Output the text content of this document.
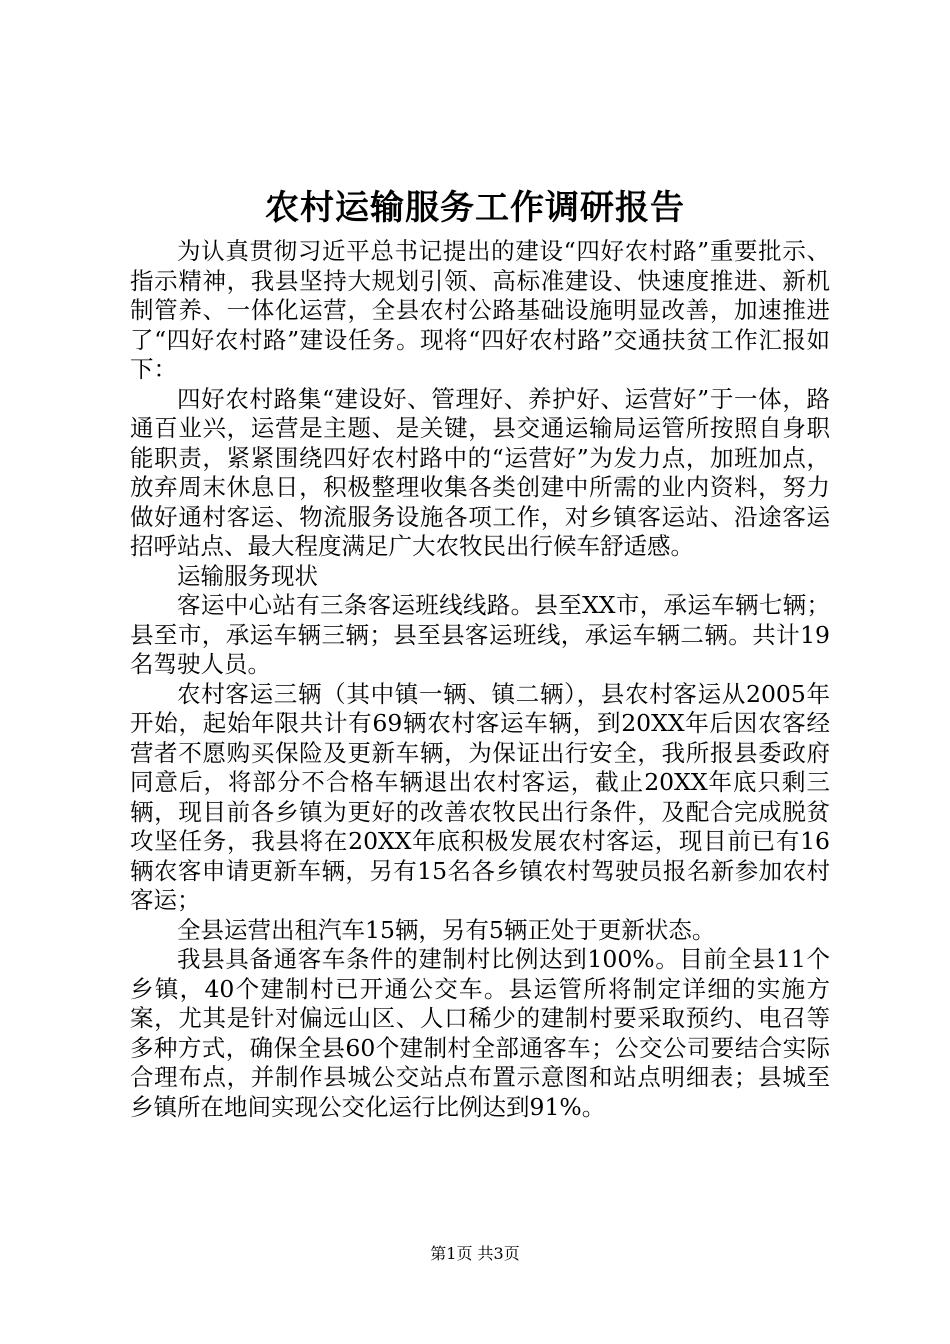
农村运输服务工作调研报告

为认真贯彻习近平总书记提出的建设“四好农村路”重要批示、指示精神，我县坚持大规划引领、高标准建设、快速度推进、新机制管养、一体化运营，全县农村公路基础设施明显改善，加速推进了“四好农村路”建设任务。现将“四好农村路”交通扶贫工作汇报如下：

四好农村路集“建设好、管理好、养护好、运营好”于一体，路通百业兴，运营是主题、是关键，县交通运输局运管所按照自身职能职责，紧紧围绕四好农村路中的“运营好”为发力点，加班加点，放弃周末休息日，积极整理收集各类创建中所需的业内资料，努力做好通村客运、物流服务设施各项工作，对乡镇客运站、沿途客运招呼站点、最大程度满足广大农牧民出行候车舒适感。

运输服务现状

客运中心站有三条客运班线线路。县至XX市，承运车辆七辆；县至市，承运车辆三辆；县至县客运班线，承运车辆二辆。共计19名驾驶人员。

农村客运三辆（其中镇一辆、镇二辆），县农村客运从2005年开始，起始年限共计有69辆农村客运车辆，到20XX年后因农客经营者不愿购买保险及更新车辆，为保证出行安全，我所报县委政府同意后，将部分不合格车辆退出农村客运，截止20XX年底只剩三辆，现目前各乡镇为更好的改善农牧民出行条件，及配合完成脱贫攻坚任务，我县将在20XX年底积极发展农村客运，现目前已有16辆农客申请更新车辆，另有15名各乡镇农村驾驶员报名新参加农村客运；

全县运营出租汽车15辆，另有5辆正处于更新状态。

我县具备通客车条件的建制村比例达到100%。目前全县11个乡镇，40个建制村已开通公交车。县运管所将制定详细的实施方案，尤其是针对偏远山区、人口稀少的建制村要采取预约、电召等多种方式，确保全县60个建制村全部通客车；公交公司要结合实际合理布点，并制作县城公交站点布置示意图和站点明细表；县城至乡镇所在地间实现公交化运行比例达到91%。

第1页 共3页
